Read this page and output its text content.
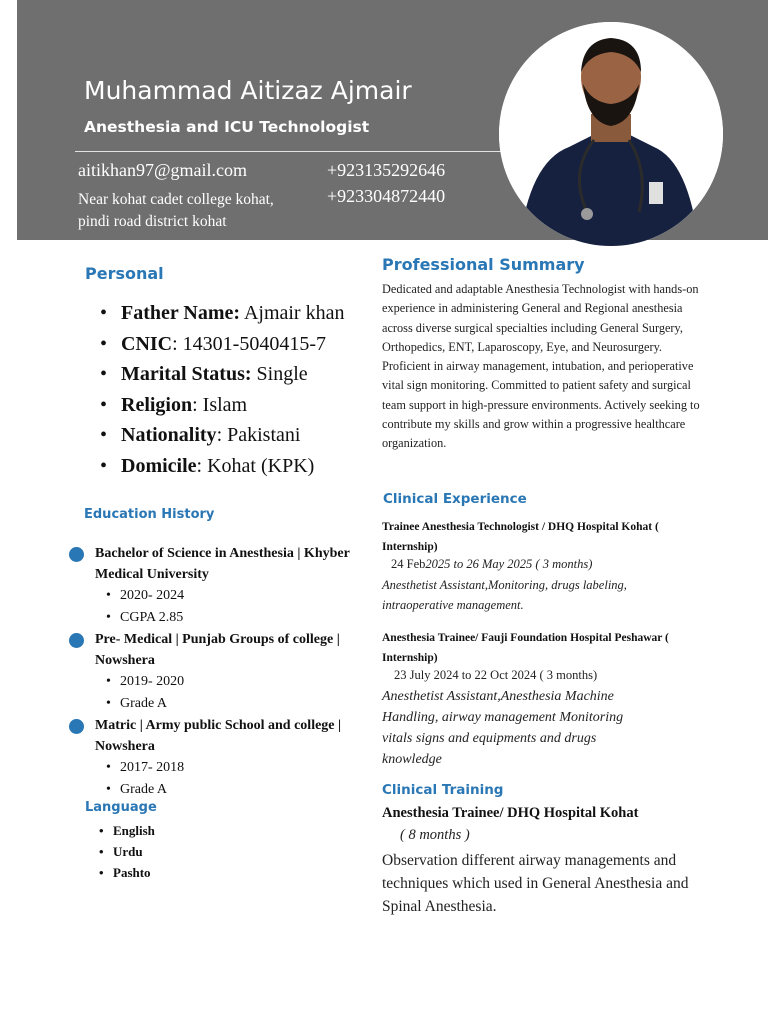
Muhammad Aitizaz Ajmair
Anesthesia and ICU Technologist
aitikhan97@gmail.com
Near kohat cadet college kohat,
pindi road district kohat
+923135292646
+923304872440
Personal
• Father Name: Ajmair khan
• CNIC: 14301-5040415-7
• Marital Status: Single
• Religion: Islam
• Nationality: Pakistani
• Domicile: Kohat (KPK)
Education History
Bachelor of Science in Anesthesia | Khyber Medical University
• 2020- 2024
• CGPA 2.85
Pre- Medical | Punjab Groups of college | Nowshera
• 2019- 2020
• Grade A
Matric | Army public School and college | Nowshera
• 2017- 2018
• Grade A
Language
• English
• Urdu
• Pashto
Professional Summary
Dedicated and adaptable Anesthesia Technologist with hands-on experience in administering General and Regional anesthesia across diverse surgical specialties including General Surgery, Orthopedics, ENT, Laparoscopy, Eye, and Neurosurgery. Proficient in airway management, intubation, and perioperative vital sign monitoring. Committed to patient safety and surgical team support in high-pressure environments. Actively seeking to contribute my skills and grow within a progressive healthcare organization.
Clinical Experience
Trainee Anesthesia Technologist / DHQ Hospital Kohat ( Internship)
24 Feb2025 to 26 May 2025 ( 3 months)
Anesthetist Assistant,Monitoring, drugs labeling, intraoperative management.
Anesthesia Trainee/ Fauji Foundation Hospital Peshawar ( Internship)
23 July 2024 to 22 Oct 2024 ( 3 months)
Anesthetist Assistant,Anesthesia Machine Handling, airway management Monitoring vitals signs and equipments and drugs knowledge
Clinical Training
Anesthesia Trainee/ DHQ Hospital Kohat
( 8 months )
Observation different airway managements and techniques which used in General Anesthesia and Spinal Anesthesia.
